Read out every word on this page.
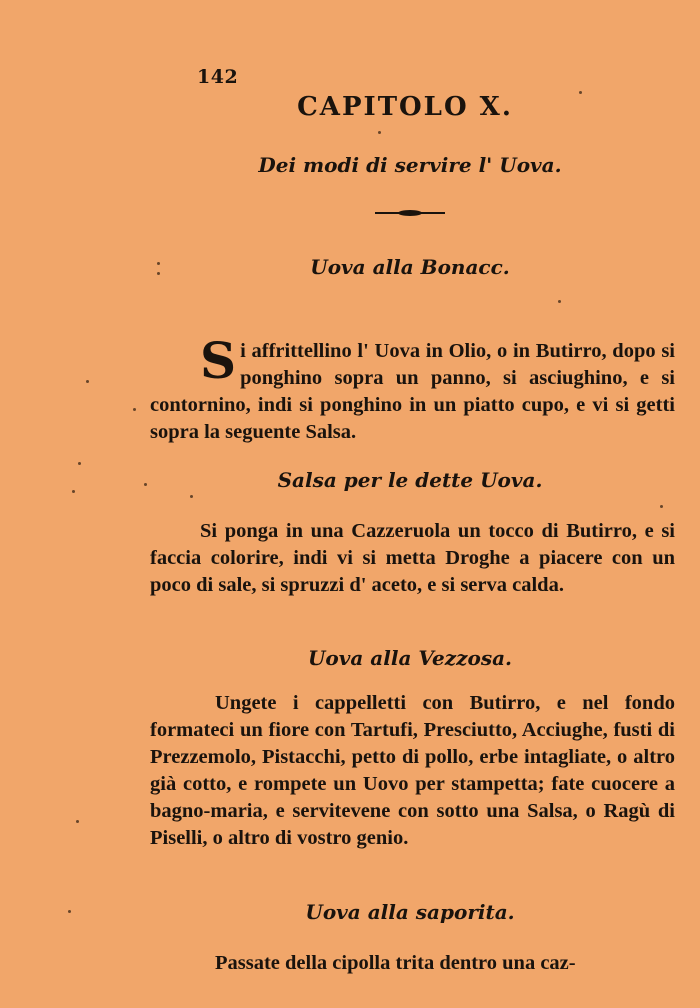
142
CAPITOLO X.
Dei modi di servire l' Uova.
Uova alla Bonacc.
Si affrittellino l' Uova in Olio, o in Butirro, dopo si ponghino sopra un panno, si asciughino, e si contornino, indi si ponghino in un piatto cupo, e vi si getti sopra la seguente Salsa.
Salsa per le dette Uova.
Si ponga in una Cazzeruola un tocco di Butirro, e si faccia colorire, indi vi si metta Droghe a piacere con un poco di sale, si spruzzi d' aceto, e si serva calda.
Uova alla Vezzosa.
Ungete i cappelletti con Butirro, e nel fondo formateci un fiore con Tartufi, Presciutto, Acciughe, fusti di Prezzemolo, Pistacchi, petto di pollo, erbe intagliate, o altro già cotto, e rompete un Uovo per stampetta; fate cuocere a bagno-maria, e servitevene con sotto una Salsa, o Ragù di Piselli, o altro di vostro genio.
Uova alla saporita.
Passate della cipolla trita dentro una caz-
